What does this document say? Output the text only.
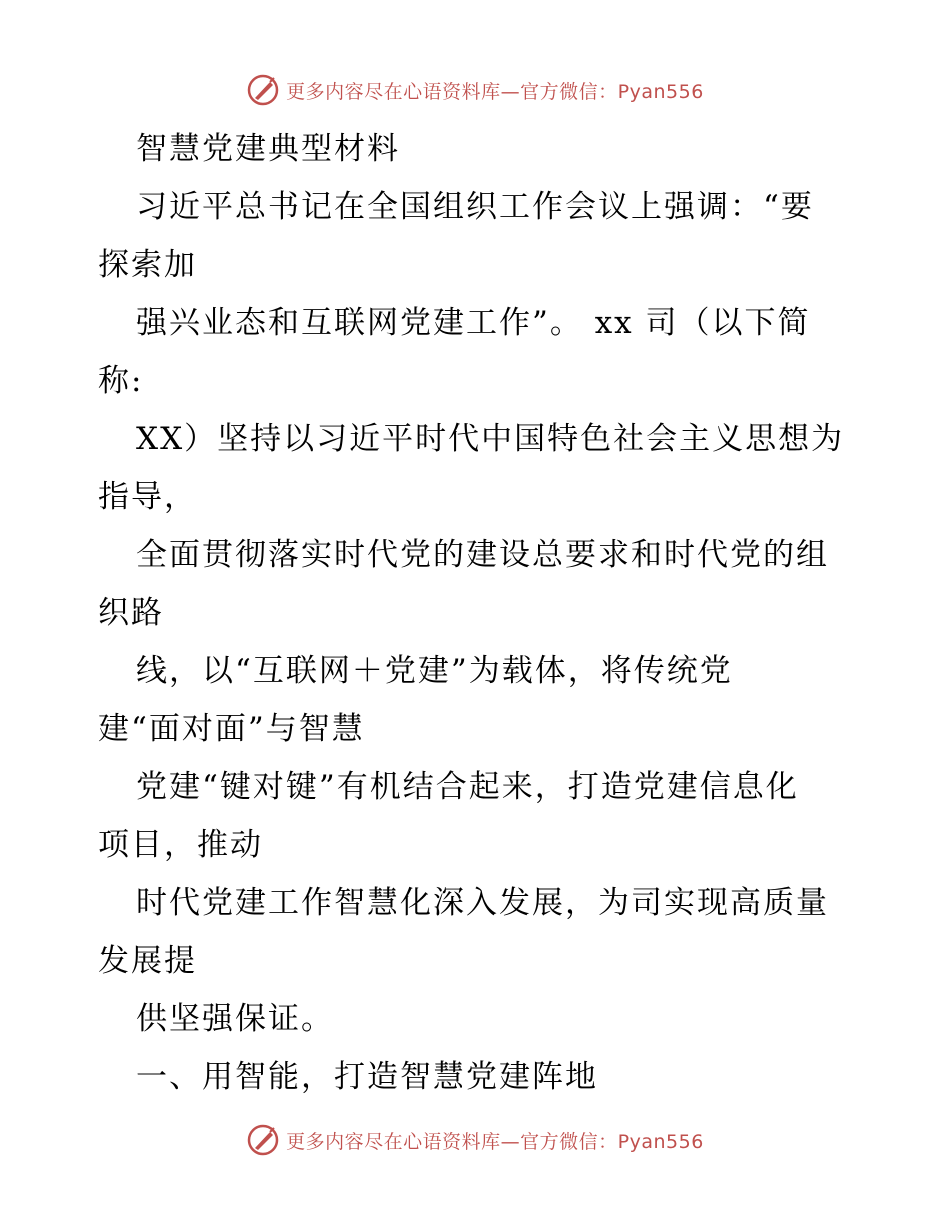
更多内容尽在心语资料库—官方微信：Pyan556
智慧党建典型材料
习近平总书记在全国组织工作会议上强调：“要
探索加
强兴业态和互联网党建工作”。 xx 司（以下简
称:
XX）坚持以习近平时代中国特色社会主义思想为
指导，
全面贯彻落实时代党的建设总要求和时代党的组
织路
线，以“互联网＋党建”为载体，将传统党
建“面对面”与智慧
党建“键对键”有机结合起来，打造党建信息化
项目，推动
时代党建工作智慧化深入发展，为司实现高质量
发展提
供坚强保证。
一、用智能，打造智慧党建阵地
更多内容尽在心语资料库—官方微信：Pyan556
